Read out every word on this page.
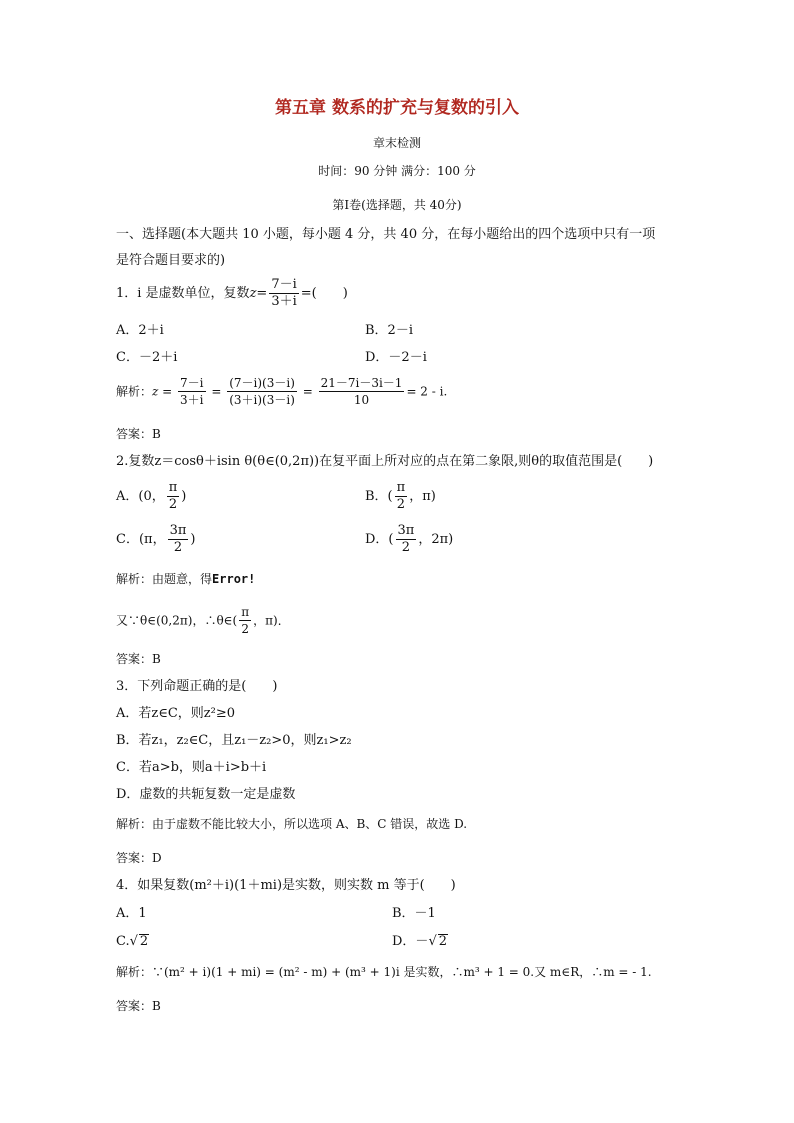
第五章 数系的扩充与复数的引入
章末检测
时间：90 分钟 满分：100 分
第Ⅰ卷(选择题，共 40分)
一、选择题(本大题共 10 小题，每小题 4 分，共 40 分，在每小题给出的四个选项中只有一项
是符合题目要求的)
1．i 是虚数单位，复数$z= \frac{7-i}{3+i}$ =(　　)
A．2＋i	B．2－i
C．－2＋i	D．－2－i
解析：$z = \frac{7-i}{3+i} = \frac{(7-i)(3-i)}{(3+i)(3-i)} = \frac{21-7i-3i-1}{10} = 2 - i$.
答案：B
2.复数z＝cosθ＋isin θ(θ∈(0,2π))在复平面上所对应的点在第二象限,则θ的取值范围是(　　)
A．(0， $\frac{\pi}{2}$ )	B．( $\frac{\pi}{2}$ ，π)
C．(π， $\frac{3\pi}{2}$ )	D．( $\frac{3\pi}{2}$ ，2π)
解析：由题意，得Error!
又∵θ∈(0,2π)，∴θ∈( $\frac{\pi}{2}$ ，π)．
答案：B
3．下列命题正确的是(　　)
A．若z∈C，则z²≥0
B．若z₁，z₂∈C，且z₁－z₂>0，则z₁>z₂
C．若a>b，则a＋i>b＋i
D．虚数的共轭复数一定是虚数
解析：由于虚数不能比较大小，所以选项 A、B、C 错误，故选 D.
答案：D
4．如果复数(m²＋i)(1＋mi)是实数，则实数 m 等于(　　)
A．1	B．－1
C.√ 2	D．－√ 2
解析：∵(m² + i)(1 + mi) = (m² - m) + (m³ + 1)i 是实数，∴m³ + 1 = 0.又 m∈R，∴m = - 1.
答案：B
